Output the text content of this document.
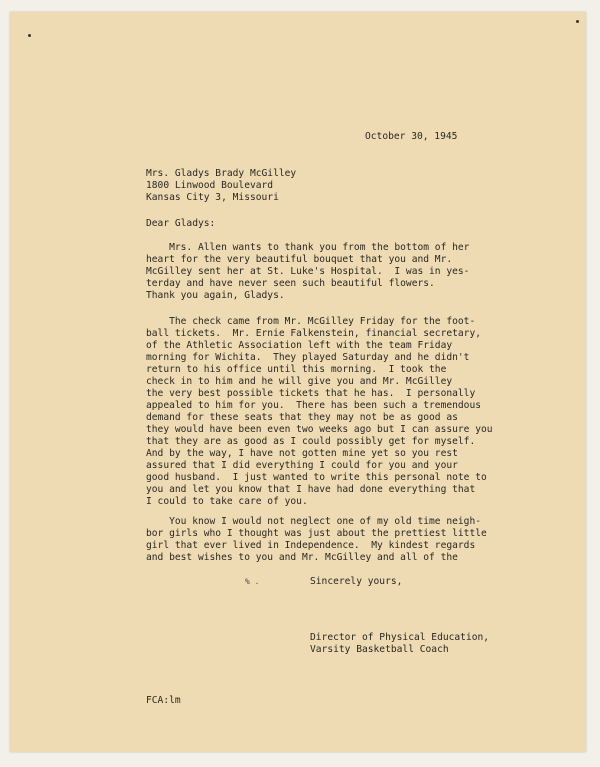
October 30, 1945
Mrs. Gladys Brady McGilley
1800 Linwood Boulevard
Kansas City 3, Missouri
Dear Gladys:
Mrs. Allen wants to thank you from the bottom of her
heart for the very beautiful bouquet that you and Mr.
McGilley sent her at St. Luke's Hospital.  I was in yes-
terday and have never seen such beautiful flowers.
Thank you again, Gladys.
The check came from Mr. McGilley Friday for the foot-
ball tickets.  Mr. Ernie Falkenstein, financial secretary,
of the Athletic Association left with the team Friday
morning for Wichita.  They played Saturday and he didn't
return to his office until this morning.  I took the
check in to him and he will give you and Mr. McGilley
the very best possible tickets that he has.  I personally
appealed to him for you.  There has been such a tremendous
demand for these seats that they may not be as good as
they would have been even two weeks ago but I can assure you
that they are as good as I could possibly get for myself.
And by the way, I have not gotten mine yet so you rest
assured that I did everything I could for you and your
good husband.  I just wanted to write this personal note to
you and let you know that I have had done everything that
I could to take care of you.
You know I would not neglect one of my old time neigh-
bor girls who I thought was just about the prettiest little
girl that ever lived in Independence.  My kindest regards
and best wishes to you and Mr. McGilley and all of the
% .	Sincerely yours,
Director of Physical Education,
Varsity Basketball Coach
FCA:lm
